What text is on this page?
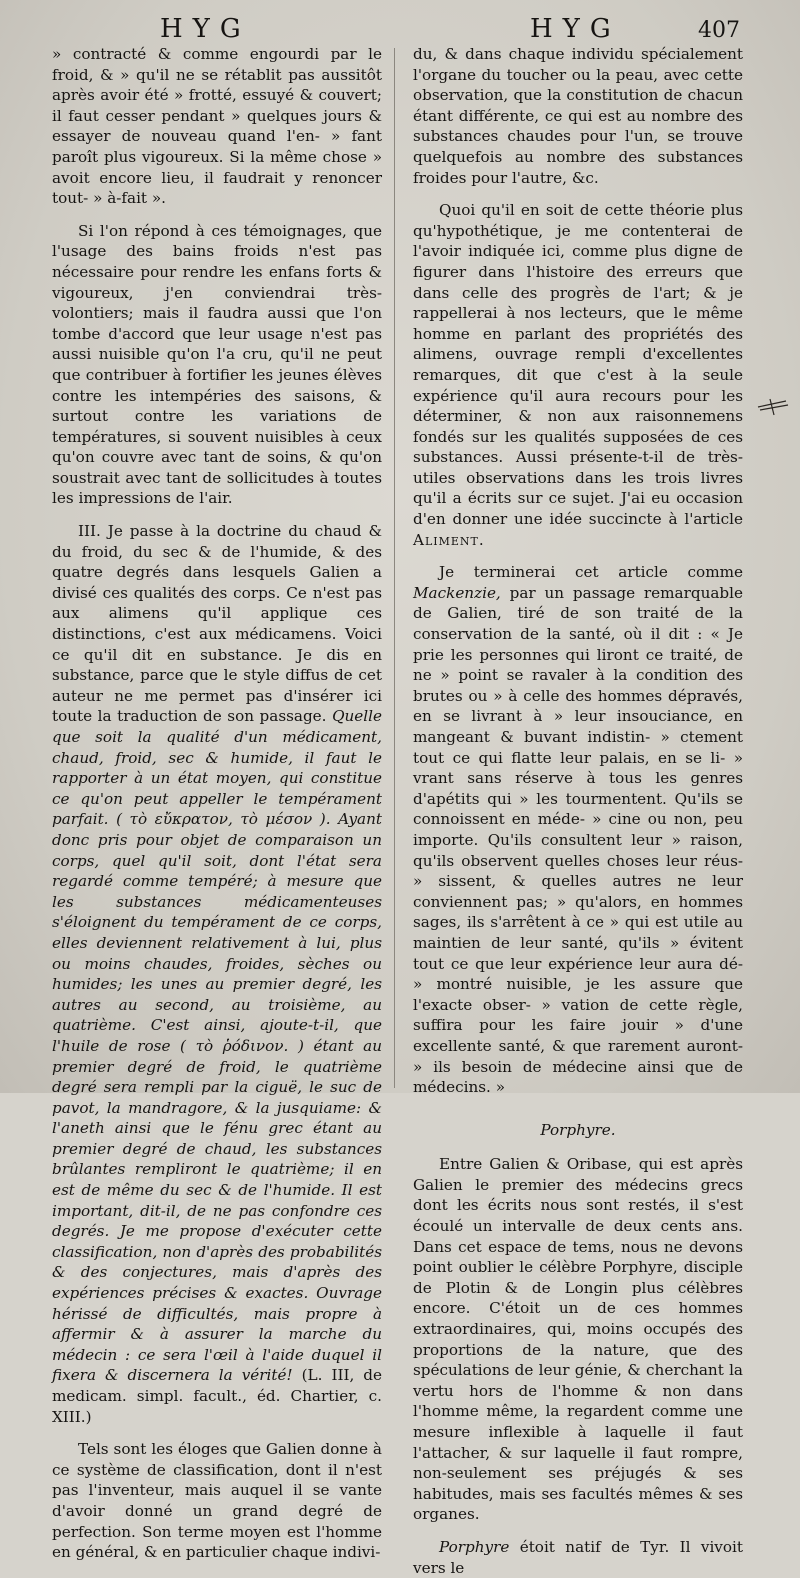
HYG	HYG	407

» contracté & comme engourdi par le froid, & » qu'il ne se rétablit pas aussitôt après avoir été » frotté, essuyé & couvert; il faut cesser pendant » quelques jours & essayer de nouveau quand l'en- » fant paroît plus vigoureux. Si la même chose » avoit encore lieu, il faudrait y renoncer tout- » à-fait ».

Si l'on répond à ces témoignages, que l'usage des bains froids n'est pas nécessaire pour rendre les enfans forts & vigoureux, j'en conviendrai très-volontiers; mais il faudra aussi que l'on tombe d'accord que leur usage n'est pas aussi nuisible qu'on l'a cru, qu'il ne peut que contribuer à fortifier les jeunes élèves contre les intempéries des saisons, & surtout contre les variations de températures, si souvent nuisibles à ceux qu'on couvre avec tant de soins, & qu'on soustrait avec tant de sollicitudes à toutes les impressions de l'air.

III. Je passe à la doctrine du chaud & du froid, du sec & de l'humide, & des quatre degrés dans lesquels Galien a divisé ces qualités des corps. Ce n'est pas aux alimens qu'il applique ces distinctions, c'est aux médicamens. Voici ce qu'il dit en substance. Je dis en substance, parce que le style diffus de cet auteur ne me permet pas d'insérer ici toute la traduction de son passage. Quelle que soit la qualité d'un médicament, chaud, froid, sec & humide, il faut le rapporter à un état moyen, qui constitue ce qu'on peut appeller le tempérament parfait. ( τὸ εὔκρατον, τὸ μέσον ). Ayant donc pris pour objet de comparaison un corps, quel qu'il soit, dont l'état sera regardé comme tempéré; à mesure que les substances médicamenteuses s'éloignent du tempérament de ce corps, elles deviennent relativement à lui, plus ou moins chaudes, froides, sèches ou humides; les unes au premier degré, les autres au second, au troisième, au quatrième. C'est ainsi, ajoute-t-il, que l'huile de rose ( τὸ ῥόδινον. ) étant au premier degré de froid, le quatrième degré sera rempli par la ciguë, le suc de pavot, la mandragore, & la jusquiame: & l'aneth ainsi que le fénu grec étant au premier degré de chaud, les substances brûlantes rempliront le quatrième; il en est de même du sec & de l'humide. Il est important, dit-il, de ne pas confondre ces degrés. Je me propose d'exécuter cette classification, non d'après des probabilités & des conjectures, mais d'après des expériences précises & exactes. Ouvrage hérissé de difficultés, mais propre à affermir & à assurer la marche du médecin : ce sera l'œil à l'aide duquel il fixera & discernera la vérité! (L. III, de medicam. simpl. facult., éd. Chartier, c. XIII.)

Tels sont les éloges que Galien donne à ce système de classification, dont il n'est pas l'inventeur, mais auquel il se vante d'avoir donné un grand degré de perfection. Son terme moyen est l'homme en général, & en particulier chaque indivi-

du, & dans chaque individu spécialement l'organe du toucher ou la peau, avec cette observation, que la constitution de chacun étant différente, ce qui est au nombre des substances chaudes pour l'un, se trouve quelquefois au nombre des substances froides pour l'autre, &c.

Quoi qu'il en soit de cette théorie plus qu'hypothétique, je me contenterai de l'avoir indiquée ici, comme plus digne de figurer dans l'histoire des erreurs que dans celle des progrès de l'art; & je rappellerai à nos lecteurs, que le même homme en parlant des propriétés des alimens, ouvrage rempli d'excellentes remarques, dit que c'est à la seule expérience qu'il aura recours pour les déterminer, & non aux raisonnemens fondés sur les qualités supposées de ces substances. Aussi présente-t-il de très-utiles observations dans les trois livres qu'il a écrits sur ce sujet. J'ai eu occasion d'en donner une idée succincte à l'article Aliment.

Je terminerai cet article comme Mackenzie, par un passage remarquable de Galien, tiré de son traité de la conservation de la santé, où il dit : « Je prie les personnes qui liront ce traité, de ne » point se ravaler à la condition des brutes ou » à celle des hommes dépravés, en se livrant à » leur insouciance, en mangeant & buvant indistin- » ctement tout ce qui flatte leur palais, en se li- » vrant sans réserve à tous les genres d'apétits qui » les tourmentent. Qu'ils se connoissent en méde- » cine ou non, peu importe. Qu'ils consultent leur » raison, qu'ils observent quelles choses leur réus- » sissent, & quelles autres ne leur conviennent pas; » qu'alors, en hommes sages, ils s'arrêtent à ce » qui est utile au maintien de leur santé, qu'ils » évitent tout ce que leur expérience leur aura dé- » montré nuisible, je les assure que l'exacte obser- » vation de cette règle, suffira pour les faire jouir » d'une excellente santé, & que rarement auront- » ils besoin de médecine ainsi que de médecins. »

Porphyre.

Entre Galien & Oribase, qui est après Galien le premier des médecins grecs dont les écrits nous sont restés, il s'est écoulé un intervalle de deux cents ans. Dans cet espace de tems, nous ne devons point oublier le célèbre Porphyre, disciple de Plotin & de Longin plus célèbres encore. C'étoit un de ces hommes extraordinaires, qui, moins occupés des proportions de la nature, que des spéculations de leur génie, & cherchant la vertu hors de l'homme & non dans l'homme même, la regardent comme une mesure inflexible à laquelle il faut l'attacher, & sur laquelle il faut rompre, non-seulement ses préjugés & ses habitudes, mais ses facultés mêmes & ses organes.

Porphyre étoit natif de Tyr. Il vivoit vers le
